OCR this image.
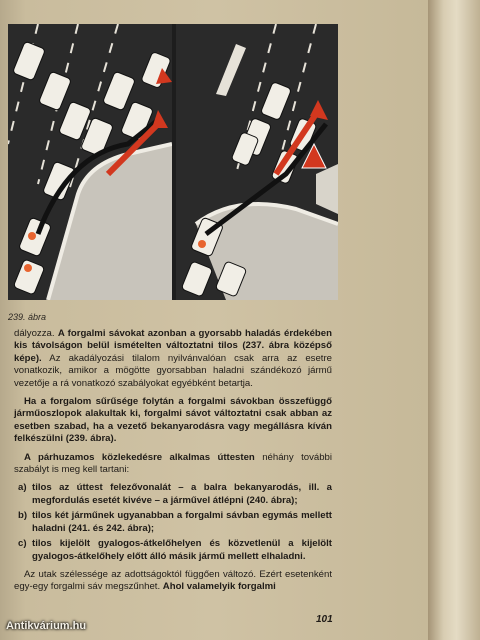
239. ábra

dályozza. A forgalmi sávokat azonban a gyorsabb haladás érdekében kis távolságon belül ismételten változtatni tilos (237. ábra középső képe). Az akadályozási tilalom nyilvánvalóan csak arra az esetre vonatkozik, amikor a mögötte gyorsabban haladni szándékozó jármű vezetője a rá vonatkozó szabályokat egyébként betartja.

Ha a forgalom sűrűsége folytán a forgalmi sávokban összefüggő járműoszlopok alakultak ki, forgalmi sávot változtatni csak abban az esetben szabad, ha a vezető bekanyarodásra vagy megállásra kíván felkészülni (239. ábra).

A párhuzamos közlekedésre alkalmas úttesten néhány további szabályt is meg kell tartani:

a) tilos az úttest felezővonalát – a balra bekanyarodás, ill. a megfordulás esetét kivéve – a járművel átlépni (240. ábra);
b) tilos két járműnek ugyanabban a forgalmi sávban egymás mellett haladni (241. és 242. ábra);
c) tilos kijelölt gyalogos-átkelőhelyen és közvetlenül a kijelölt gyalogos-átkelőhely előtt álló másik jármű mellett elhaladni.

Az utak szélessége az adottságoktól függően változó. Ezért esetenként egy-egy forgalmi sáv megszűnhet. Ahol valamelyik forgalmi

101
Antikvárium.hu
